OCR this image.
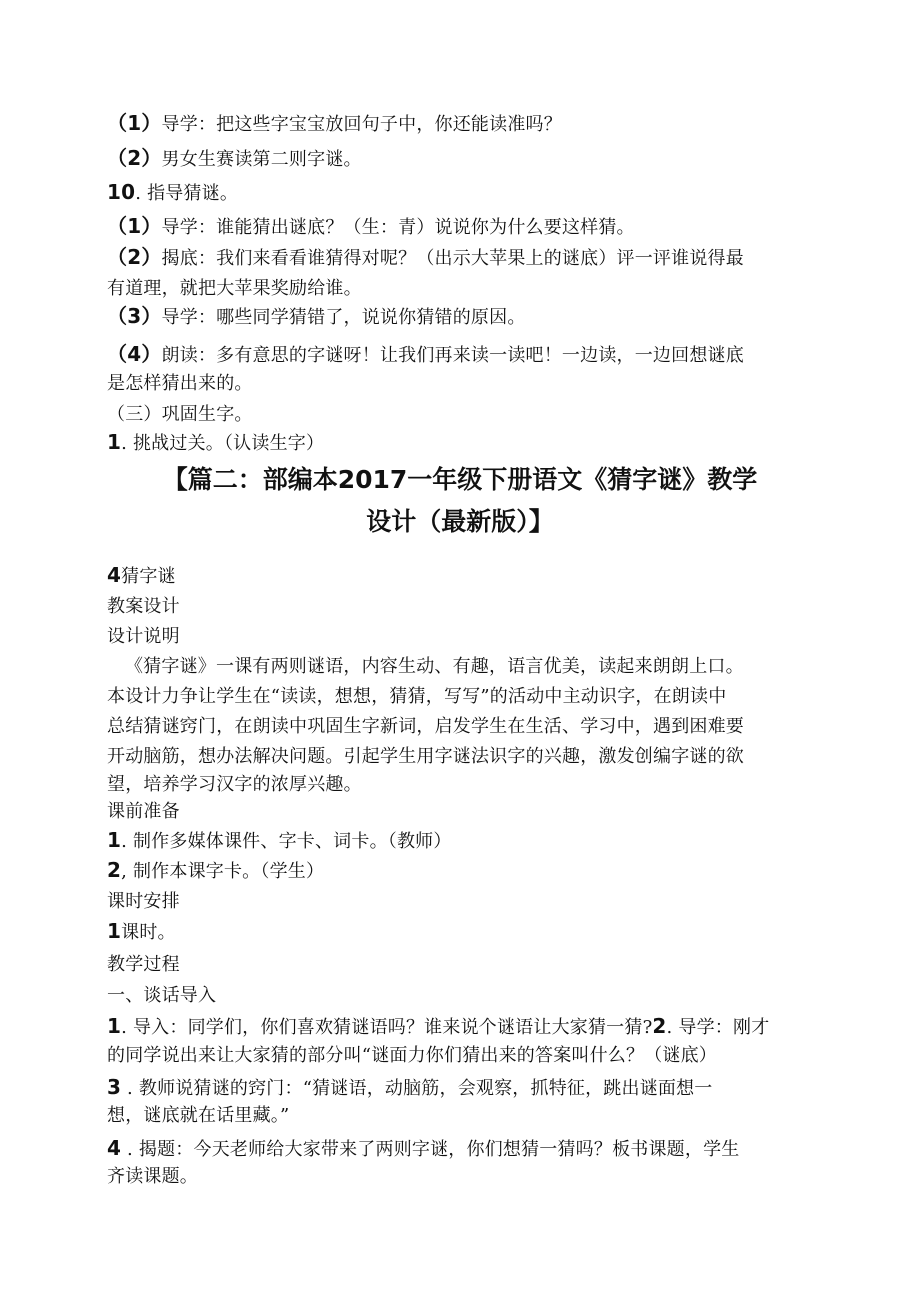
（1）导学：把这些字宝宝放回句子中，你还能读准吗？
（2）男女生赛读第二则字谜。
10. 指导猜谜。
（1）导学：谁能猜出谜底？（生：青）说说你为什么要这样猜。
（2）揭底：我们来看看谁猜得对呢？（出示大苹果上的谜底）评一评谁说得最
有道理，就把大苹果奖励给谁。
（3）导学：哪些同学猜错了，说说你猜错的原因。
（4）朗读：多有意思的字谜呀！让我们再来读一读吧！一边读，一边回想谜底
是怎样猜出来的。
（三）巩固生字。
1. 挑战过关。（认读生字）
【篇二：部编本2017一年级下册语文《猜字谜》教学
设计（最新版）】
4猜字谜
教案设计
设计说明
《猜字谜》一课有两则谜语，内容生动、有趣，语言优美，读起来朗朗上口。
本设计力争让学生在“读读，想想，猜猜，写写”的活动中主动识字，在朗读中
总结猜谜窍门，在朗读中巩固生字新词，启发学生在生活、学习中，遇到困难要
开动脑筋，想办法解决问题。引起学生用字谜法识字的兴趣，激发创编字谜的欲
望，培养学习汉字的浓厚兴趣。
课前准备
1. 制作多媒体课件、字卡、词卡。（教师）
2, 制作本课字卡。（学生）
课时安排
1课时。
教学过程
一、谈话导入
1. 导入：同学们，你们喜欢猜谜语吗？谁来说个谜语让大家猜一猜?2. 导学：刚才
的同学说出来让大家猜的部分叫“谜面力你们猜出来的答案叫什么？（谜底）
3 . 教师说猜谜的窍门：“猜谜语，动脑筋，会观察，抓特征，跳出谜面想一
想，谜底就在话里藏。”
4 . 揭题：今天老师给大家带来了两则字谜，你们想猜一猜吗？板书课题，学生
齐读课题。
